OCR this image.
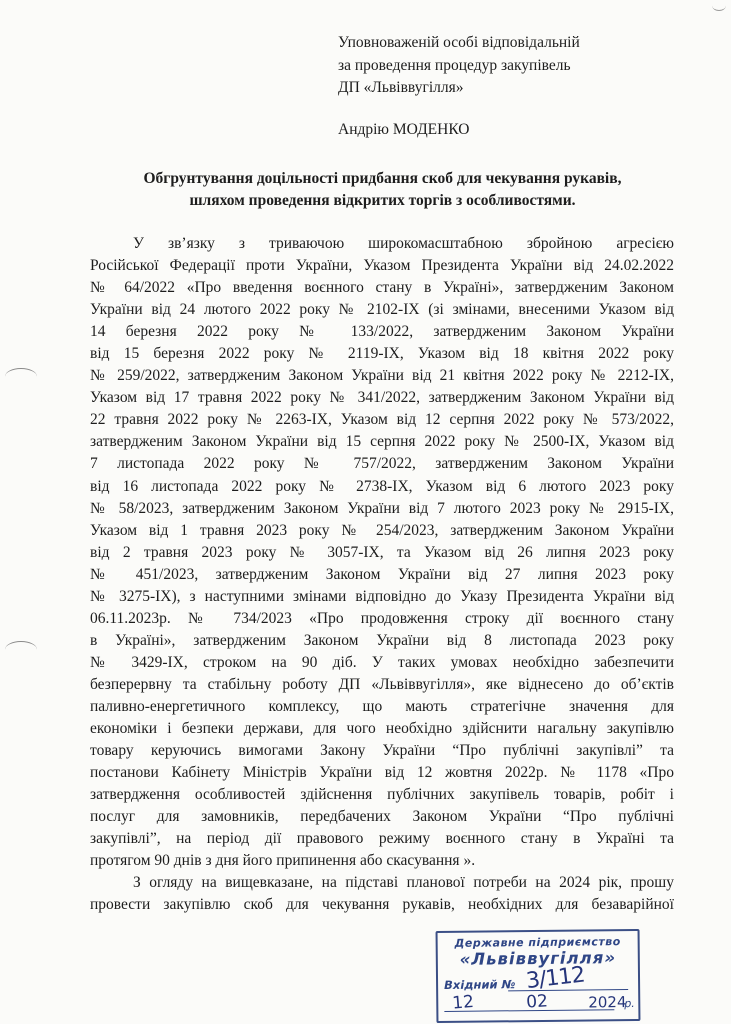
Уповноваженій особі відповідальній
за проведення процедур закупівель
ДП «Львіввугілля»
Андрію МОДЕНКО
Обгрунтування доцільності придбання скоб для чекування рукавів,
шляхом проведення відкритих торгів з особливостями.
У зв’язку з триваючою широкомасштабною збройною агресією
Російської Федерації проти України, Указом Президента України від 24.02.2022
№ 64/2022 «Про введення воєнного стану в Україні», затвердженим Законом
України від 24 лютого 2022 року № 2102-IX (зі змінами, внесеними Указом від
14 березня 2022 року № 133/2022, затвердженим Законом України
від 15 березня 2022 року № 2119-IX, Указом від 18 квітня 2022 року
№ 259/2022, затвердженим Законом України від 21 квітня 2022 року № 2212-IX,
Указом від 17 травня 2022 року № 341/2022, затвердженим Законом України від
22 травня 2022 року № 2263-IX, Указом від 12 серпня 2022 року № 573/2022,
затвердженим Законом України від 15 серпня 2022 року № 2500-IX, Указом від
7 листопада 2022 року № 757/2022, затвердженим Законом України
від 16 листопада 2022 року № 2738-IX, Указом від 6 лютого 2023 року
№ 58/2023, затвердженим Законом України від 7 лютого 2023 року № 2915-IX,
Указом від 1 травня 2023 року № 254/2023, затвердженим Законом України
від 2 травня 2023 року № 3057-IX, та Указом від 26 липня 2023 року
№ 451/2023, затвердженим Законом України від 27 липня 2023 року
№ 3275-IX), з наступними змінами відповідно до Указу Президента України від
06.11.2023р. № 734/2023 «Про продовження строку дії воєнного стану
в Україні», затвердженим Законом України від 8 листопада 2023 року
№ 3429-IX, строком на 90 діб. У таких умовах необхідно забезпечити
безперервну та стабільну роботу ДП «Львіввугілля», яке віднесено до об’єктів
паливно-енергетичного комплексу, що мають стратегічне значення для
економіки і безпеки держави, для чого необхідно здійснити нагальну закупівлю
товару керуючись вимогами Закону України “Про публічні закупівлі” та
постанови Кабінету Міністрів України від 12 жовтня 2022р. № 1178 «Про
затвердження особливостей здійснення публічних закупівель товарів, робіт і
послуг для замовників, передбачених Законом України “Про публічні
закупівлі”, на період дії правового режиму воєнного стану в Україні та
протягом 90 днів з дня його припинення або скасування ».
З огляду на вищевказане, на підставі планової потреби на 2024 рік, прошу
провести закупівлю скоб для чекування рукавів, необхідних для безаварійної
Державне підприємство
«Львіввугілля»
Вхідний № 3/112
12	02	2024
р.
